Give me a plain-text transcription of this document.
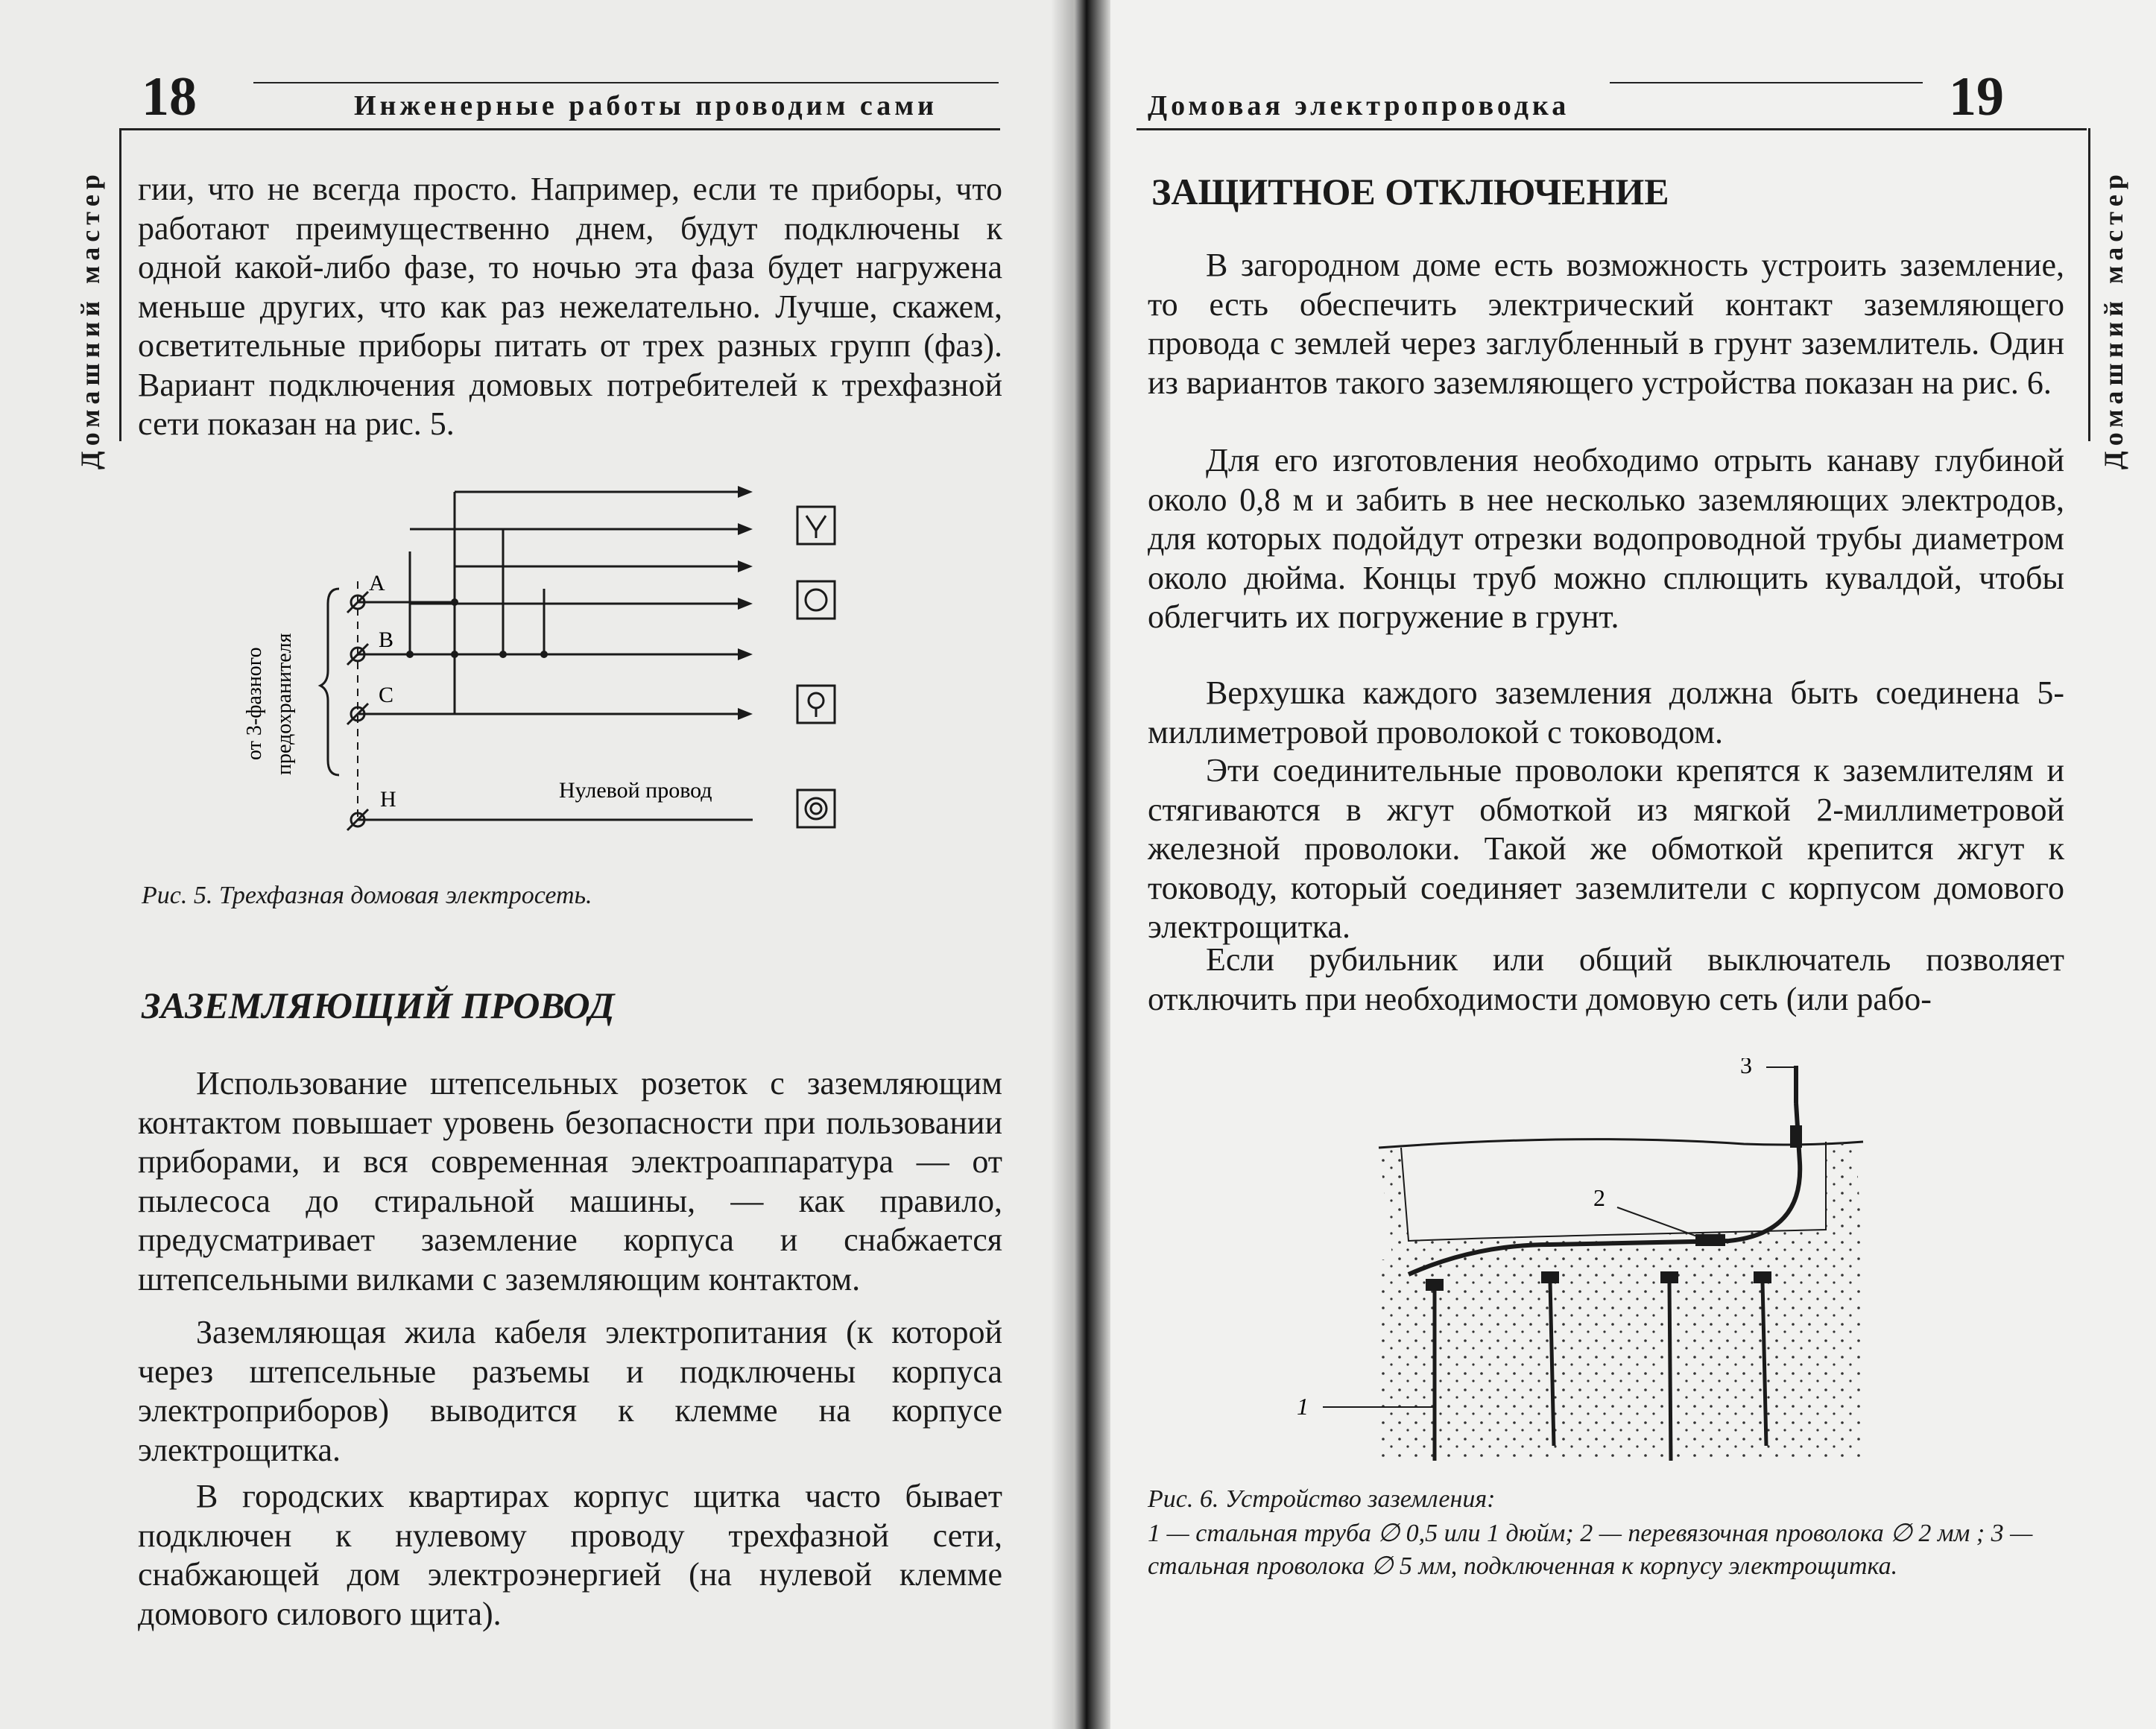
18	Инженерные работы проводим сами
Домашний мастер гии, что не всегда просто. Например, если те приборы, что работают преимущественно днем, будут подключены к одной какой-либо фазе, то ночью эта фаза будет нагружена меньше других, что как раз нежелательно. Лучше, скажем, осветительные приборы питать от трех разных групп (фаз). Вариант подключения домовых потребителей к трехфазной сети показан на рис. 5.

A
B
C
Н	Нулевой провод
от 3-фазного предохранителя

Рис. 5. Трехфазная домовая электросеть.

ЗАЗЕМЛЯЮЩИЙ ПРОВОД

Использование штепсельных розеток с заземляющим контактом повышает уровень безопасности при пользовании приборами, и вся современная электроаппаратура — от пылесоса до стиральной машины, — как правило, предусматривает заземление корпуса и снабжается штепсельными вилками с заземляющим контактом.

Заземляющая жила кабеля электропитания (к которой через штепсельные разъемы и подключены корпуса электроприборов) выводится к клемме на корпусе электрощитка.

В городских квартирах корпус щитка часто бывает подключен к нулевому проводу трехфазной сети, снабжающей дом электроэнергией (на нулевой клемме домового силового щита).

19
Домовая электропроводка
Домашний мастер
ЗАЩИТНОЕ ОТКЛЮЧЕНИЕ

В загородном доме есть возможность устроить заземление, то есть обеспечить электрический контакт заземляющего провода с землей через заглубленный в грунт заземлитель. Один из вариантов такого заземляющего устройства показан на рис. 6.

Для его изготовления необходимо отрыть канаву глубиной около 0,8 м и забить в нее несколько заземляющих электродов, для которых подойдут отрезки водопроводной трубы диаметром около дюйма. Концы труб можно сплющить кувалдой, чтобы облегчить их погружение в грунт.

Верхушка каждого заземления должна быть соединена 5-миллиметровой проволокой с тоководом.

Эти соединительные проволоки крепятся к заземлителям и стягиваются в жгут обмоткой из мягкой 2-миллиметровой железной проволоки. Такой же обмоткой крепится жгут к тоководу, который соединяет заземлители с корпусом домового электрощитка.

Если рубильник или общий выключатель позволяет отключить при необходимости домовую сеть (или рабо-

1
2
3

Рис. 6. Устройство заземления:

1 — стальная труба ∅ 0,5 или 1 дюйм; 2 — перевязочная проволока ∅ 2 мм ; 3 — стальная проволока ∅ 5 мм, подключенная к корпусу электрощитка.
